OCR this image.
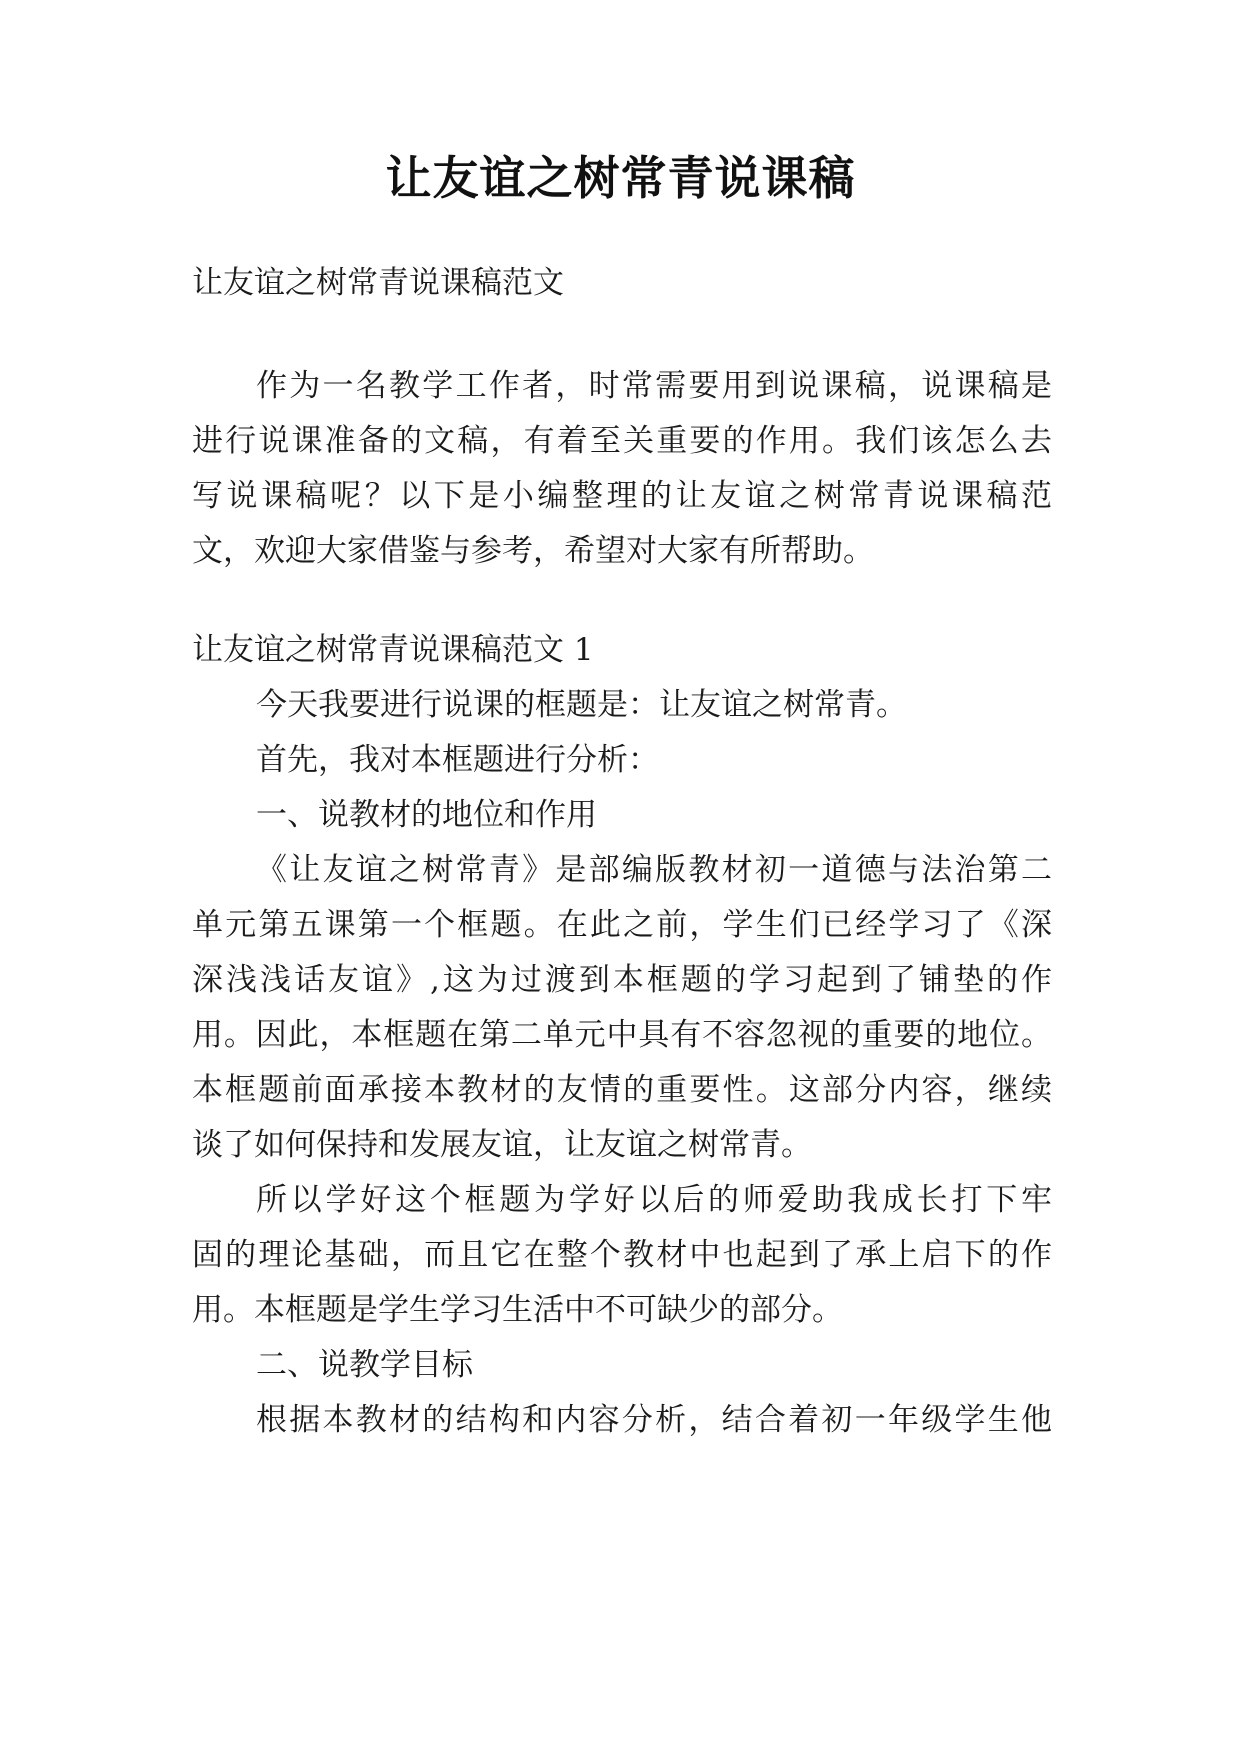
让友谊之树常青说课稿
让友谊之树常青说课稿范文
作为一名教学工作者，时常需要用到说课稿，说课稿是
进行说课准备的文稿，有着至关重要的作用。我们该怎么去
写说课稿呢？以下是小编整理的让友谊之树常青说课稿范
文，欢迎大家借鉴与参考，希望对大家有所帮助。
让友谊之树常青说课稿范文 1
今天我要进行说课的框题是：让友谊之树常青。
首先，我对本框题进行分析：
一、说教材的地位和作用
《让友谊之树常青》是部编版教材初一道德与法治第二
单元第五课第一个框题。在此之前，学生们已经学习了《深
深浅浅话友谊》,这为过渡到本框题的学习起到了铺垫的作
用。因此，本框题在第二单元中具有不容忽视的重要的地位。
本框题前面承接本教材的友情的重要性。这部分内容，继续
谈了如何保持和发展友谊，让友谊之树常青。
所以学好这个框题为学好以后的师爱助我成长打下牢
固的理论基础，而且它在整个教材中也起到了承上启下的作
用。本框题是学生学习生活中不可缺少的部分。
二、说教学目标
根据本教材的结构和内容分析，结合着初一年级学生他
